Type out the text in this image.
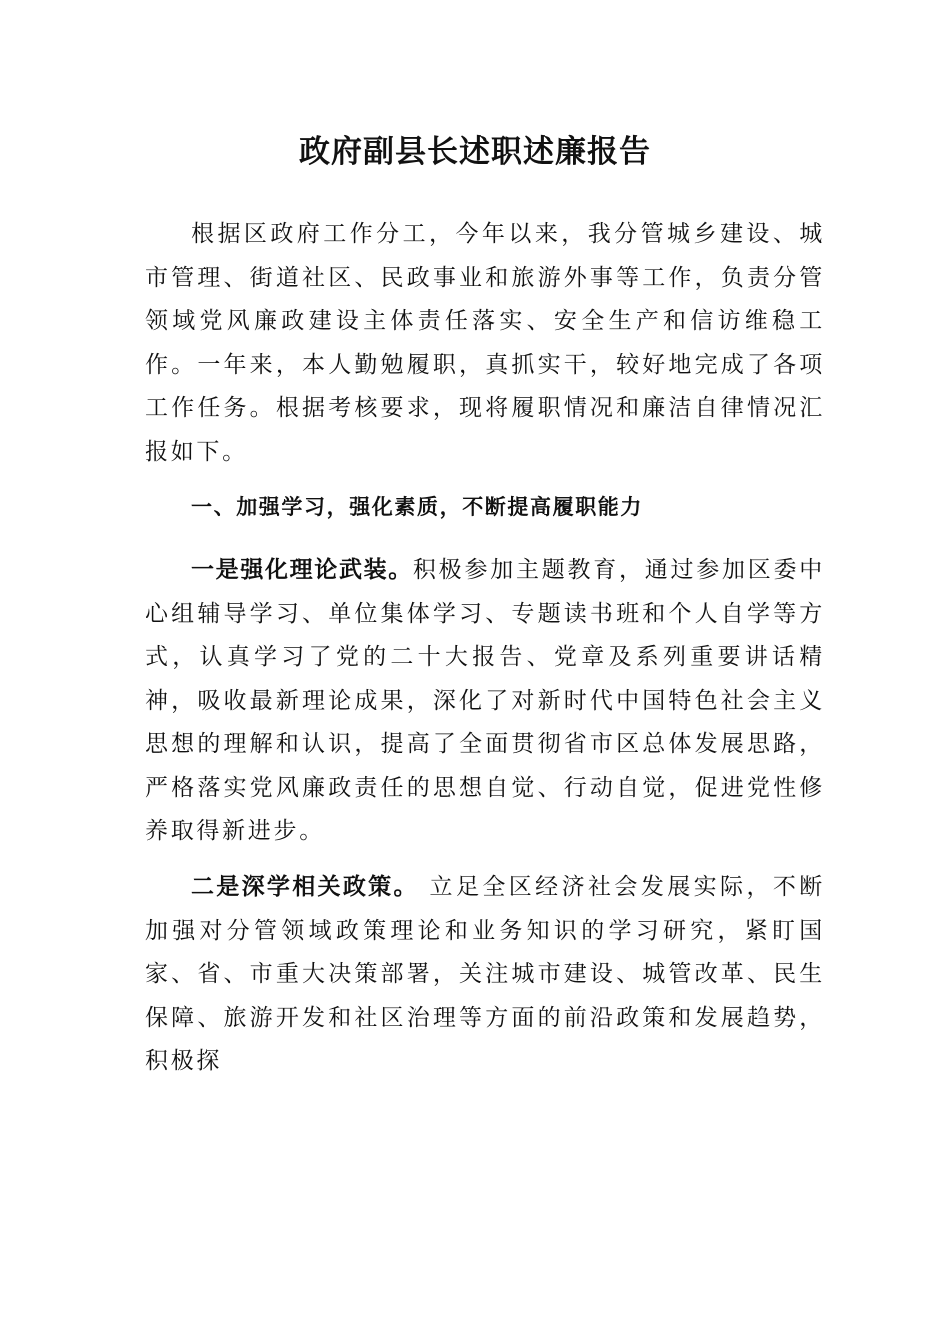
政府副县长述职述廉报告

根据区政府工作分工，今年以来，我分管城乡建设、城市管理、街道社区、民政事业和旅游外事等工作，负责分管领域党风廉政建设主体责任落实、安全生产和信访维稳工作。一年来，本人勤勉履职，真抓实干，较好地完成了各项工作任务。根据考核要求，现将履职情况和廉洁自律情况汇报如下。

一、加强学习，强化素质，不断提高履职能力

一是强化理论武装。积极参加主题教育，通过参加区委中心组辅导学习、单位集体学习、专题读书班和个人自学等方式，认真学习了党的二十大报告、党章及系列重要讲话精神，吸收最新理论成果，深化了对新时代中国特色社会主义思想的理解和认识，提高了全面贯彻省市区总体发展思路，严格落实党风廉政责任的思想自觉、行动自觉，促进党性修养取得新进步。

二是深学相关政策。 立足全区经济社会发展实际，不断加强对分管领域政策理论和业务知识的学习研究，紧盯国家、省、市重大决策部署，关注城市建设、城管改革、民生保障、旅游开发和社区治理等方面的前沿政策和发展趋势，积极探
